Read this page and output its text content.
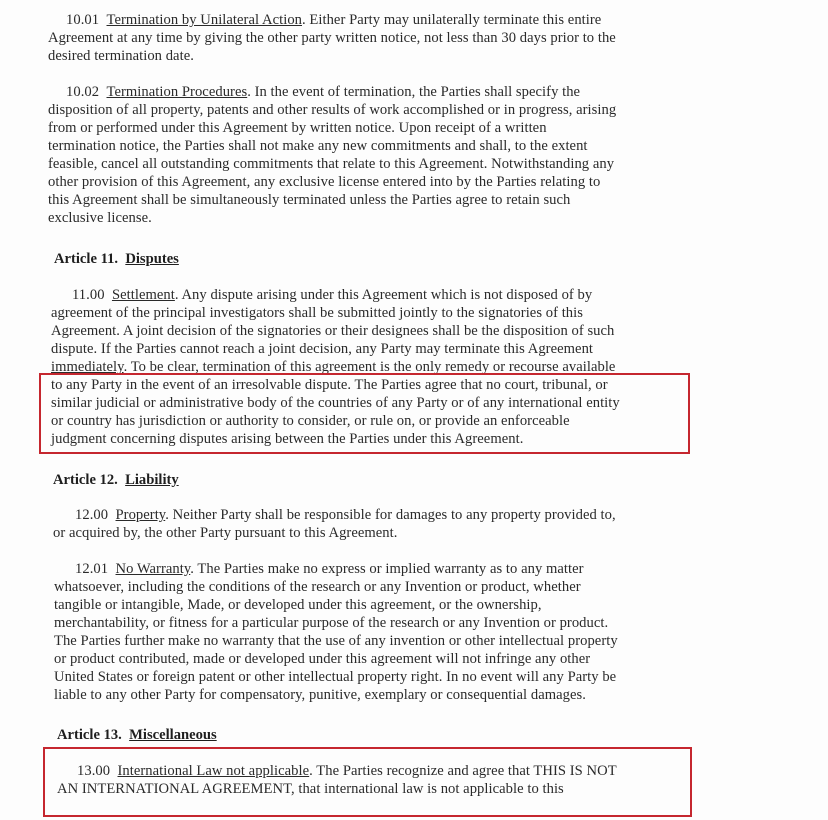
10.01 Termination by Unilateral Action. Either Party may unilaterally terminate this entire
Agreement at any time by giving the other party written notice, not less than 30 days prior to the
desired termination date.
10.02 Termination Procedures. In the event of termination, the Parties shall specify the
disposition of all property, patents and other results of work accomplished or in progress, arising
from or performed under this Agreement by written notice. Upon receipt of a written
termination notice, the Parties shall not make any new commitments and shall, to the extent
feasible, cancel all outstanding commitments that relate to this Agreement. Notwithstanding any
other provision of this Agreement, any exclusive license entered into by the Parties relating to
this Agreement shall be simultaneously terminated unless the Parties agree to retain such
exclusive license.
Article 11. Disputes
11.00 Settlement. Any dispute arising under this Agreement which is not disposed of by
agreement of the principal investigators shall be submitted jointly to the signatories of this
Agreement. A joint decision of the signatories or their designees shall be the disposition of such
dispute. If the Parties cannot reach a joint decision, any Party may terminate this Agreement
immediately. To be clear, termination of this agreement is the only remedy or recourse available
to any Party in the event of an irresolvable dispute. The Parties agree that no court, tribunal, or
similar judicial or administrative body of the countries of any Party or of any international entity
or country has jurisdiction or authority to consider, or rule on, or provide an enforceable
judgment concerning disputes arising between the Parties under this Agreement.
Article 12. Liability
12.00 Property. Neither Party shall be responsible for damages to any property provided to,
or acquired by, the other Party pursuant to this Agreement.
12.01 No Warranty. The Parties make no express or implied warranty as to any matter
whatsoever, including the conditions of the research or any Invention or product, whether
tangible or intangible, Made, or developed under this agreement, or the ownership,
merchantability, or fitness for a particular purpose of the research or any Invention or product.
The Parties further make no warranty that the use of any invention or other intellectual property
or product contributed, made or developed under this agreement will not infringe any other
United States or foreign patent or other intellectual property right. In no event will any Party be
liable to any other Party for compensatory, punitive, exemplary or consequential damages.
Article 13. Miscellaneous
13.00 International Law not applicable. The Parties recognize and agree that THIS IS NOT
AN INTERNATIONAL AGREEMENT, that international law is not applicable to this
